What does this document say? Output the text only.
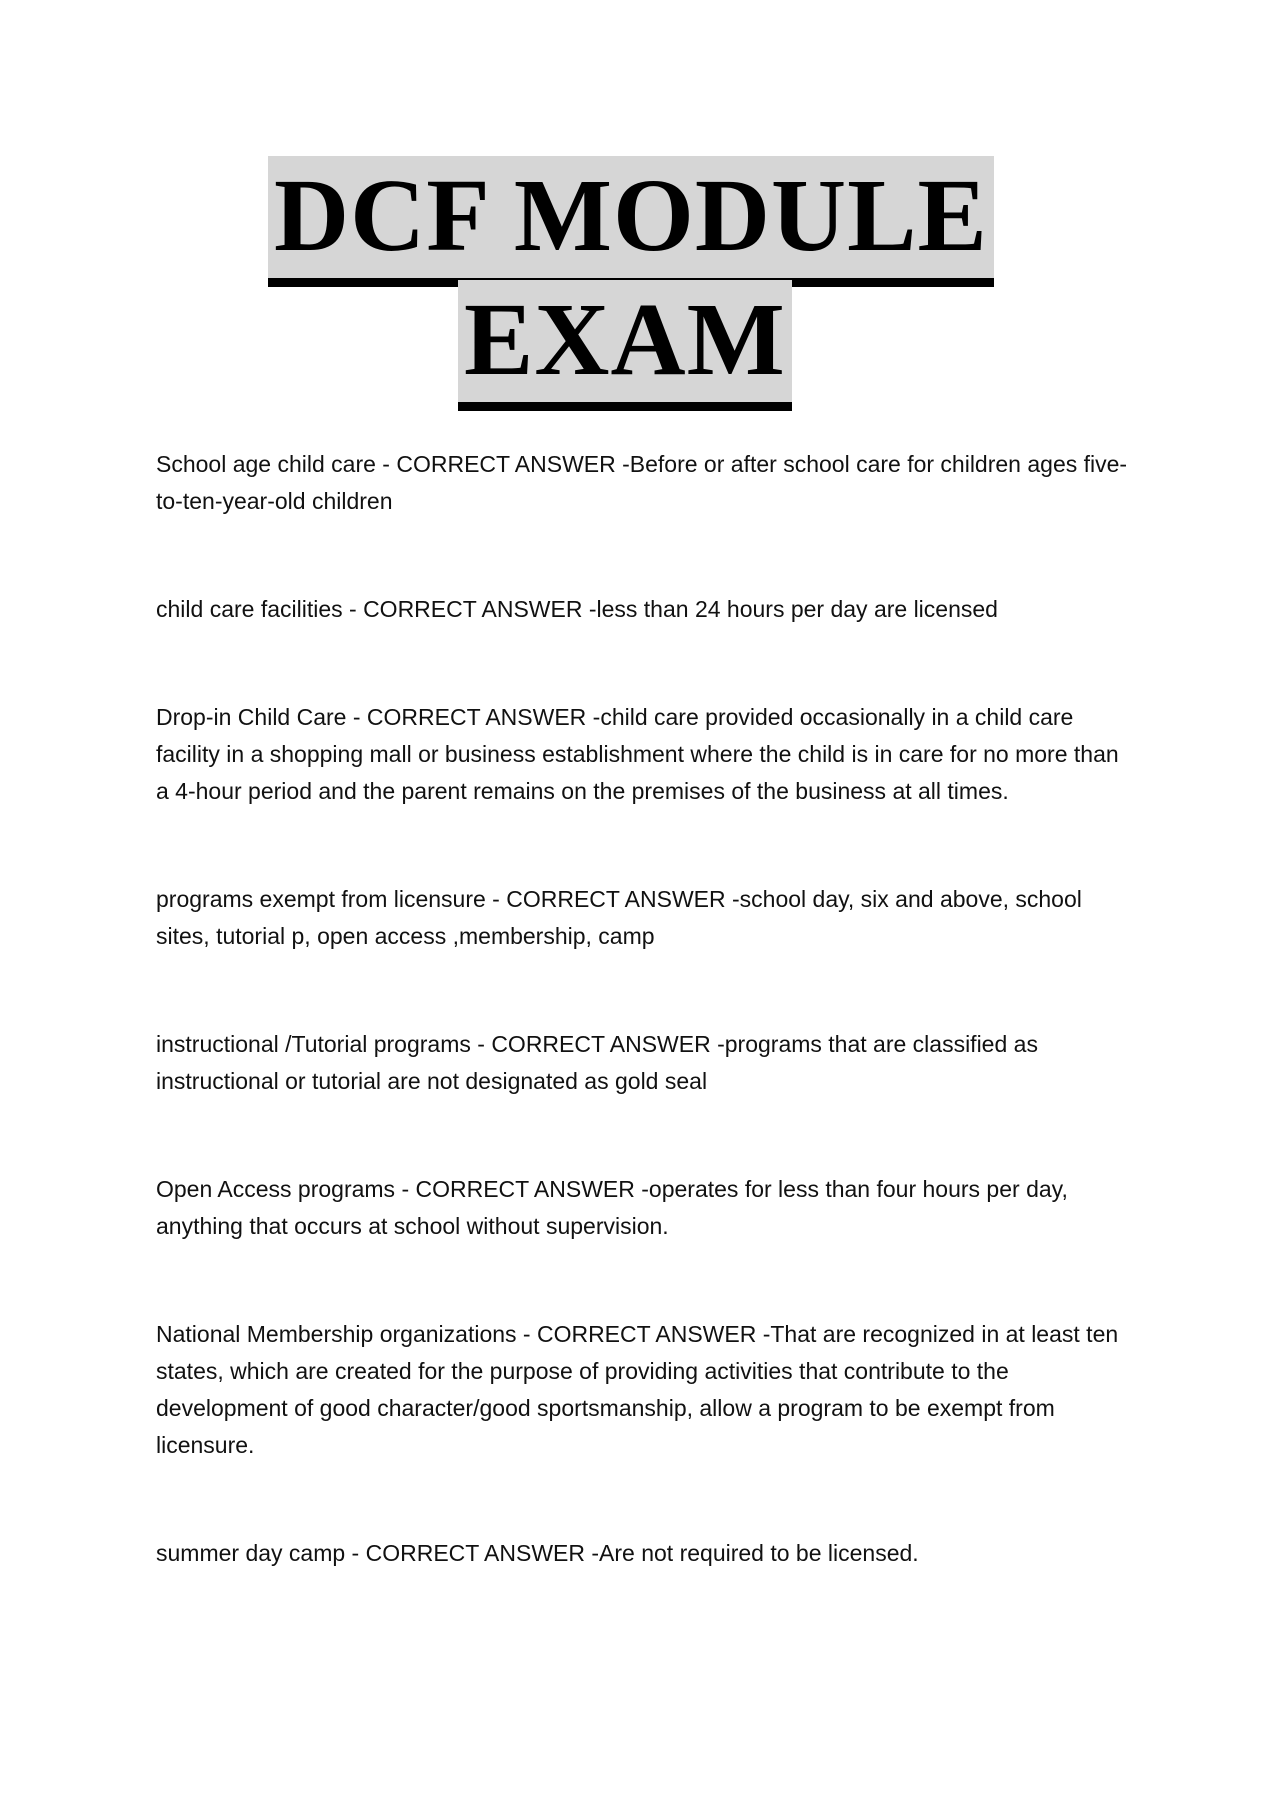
DCF MODULE
EXAM

School age child care - CORRECT ANSWER -Before or after school care for children ages five-to-ten-year-old children

child care facilities - CORRECT ANSWER -less than 24 hours per day are licensed

Drop-in Child Care - CORRECT ANSWER -child care provided occasionally in a child care facility in a shopping mall or business establishment where the child is in care for no more than a 4-hour period and the parent remains on the premises of the business at all times.

programs exempt from licensure - CORRECT ANSWER -school day, six and above, school sites, tutorial p, open access ,membership, camp

instructional /Tutorial programs - CORRECT ANSWER -programs that are classified as instructional or tutorial are not designated as gold seal

Open Access programs - CORRECT ANSWER -operates for less than four hours per day, anything that occurs at school without supervision.

National Membership organizations - CORRECT ANSWER -That are recognized in at least ten states, which are created for the purpose of providing activities that contribute to the development of good character/good sportsmanship, allow a program to be exempt from licensure.

summer day camp - CORRECT ANSWER -Are not required to be licensed.
